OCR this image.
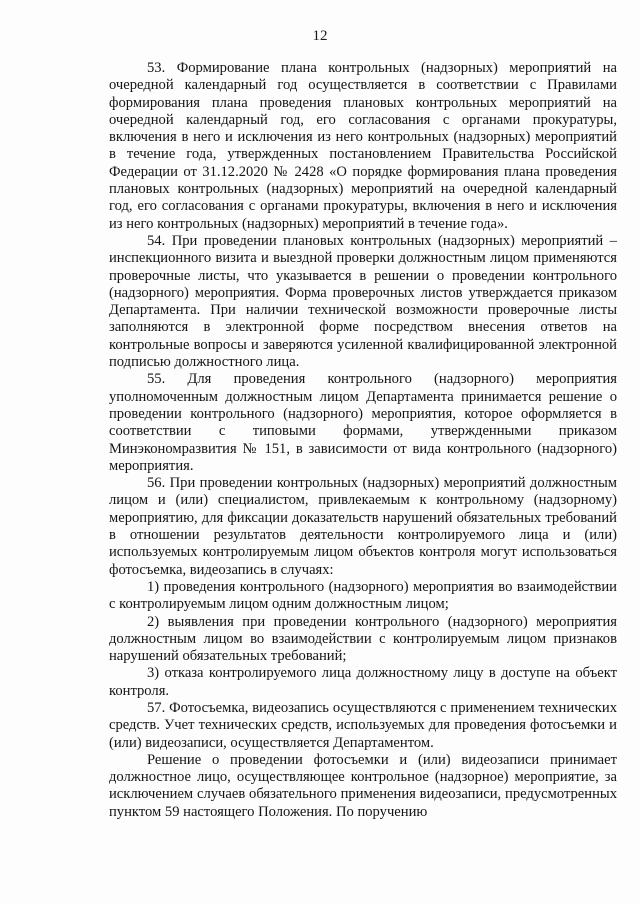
12

53. Формирование плана контрольных (надзорных) мероприятий на очередной календарный год осуществляется в соответствии с Правилами формирования плана проведения плановых контрольных мероприятий на очередной календарный год, его согласования с органами прокуратуры, включения в него и исключения из него контрольных (надзорных) мероприятий в течение года, утвержденных постановлением Правительства Российской Федерации от 31.12.2020 № 2428 «О порядке формирования плана проведения плановых контрольных (надзорных) мероприятий на очередной календарный год, его согласования с органами прокуратуры, включения в него и исключения из него контрольных (надзорных) мероприятий в течение года».

54. При проведении плановых контрольных (надзорных) мероприятий – инспекционного визита и выездной проверки должностным лицом применяются проверочные листы, что указывается в решении о проведении контрольного (надзорного) мероприятия. Форма проверочных листов утверждается приказом Департамента. При наличии технической возможности проверочные листы заполняются в электронной форме посредством внесения ответов на контрольные вопросы и заверяются усиленной квалифицированной электронной подписью должностного лица.

55. Для проведения контрольного (надзорного) мероприятия уполномоченным должностным лицом Департамента принимается решение о проведении контрольного (надзорного) мероприятия, которое оформляется в соответствии с типовыми формами, утвержденными приказом Минэкономразвития № 151, в зависимости от вида контрольного (надзорного) мероприятия.

56. При проведении контрольных (надзорных) мероприятий должностным лицом и (или) специалистом, привлекаемым к контрольному (надзорному) мероприятию, для фиксации доказательств нарушений обязательных требований в отношении результатов деятельности контролируемого лица и (или) используемых контролируемым лицом объектов контроля могут использоваться фотосъемка, видеозапись в случаях:

1) проведения контрольного (надзорного) мероприятия во взаимодействии с контролируемым лицом одним должностным лицом;

2) выявления при проведении контрольного (надзорного) мероприятия должностным лицом во взаимодействии с контролируемым лицом признаков нарушений обязательных требований;

3) отказа контролируемого лица должностному лицу в доступе на объект контроля.

57. Фотосъемка, видеозапись осуществляются с применением технических средств. Учет технических средств, используемых для проведения фотосъемки и (или) видеозаписи, осуществляется Департаментом.

Решение о проведении фотосъемки и (или) видеозаписи принимает должностное лицо, осуществляющее контрольное (надзорное) мероприятие, за исключением случаев обязательного применения видеозаписи, предусмотренных пунктом 59 настоящего Положения. По поручению
